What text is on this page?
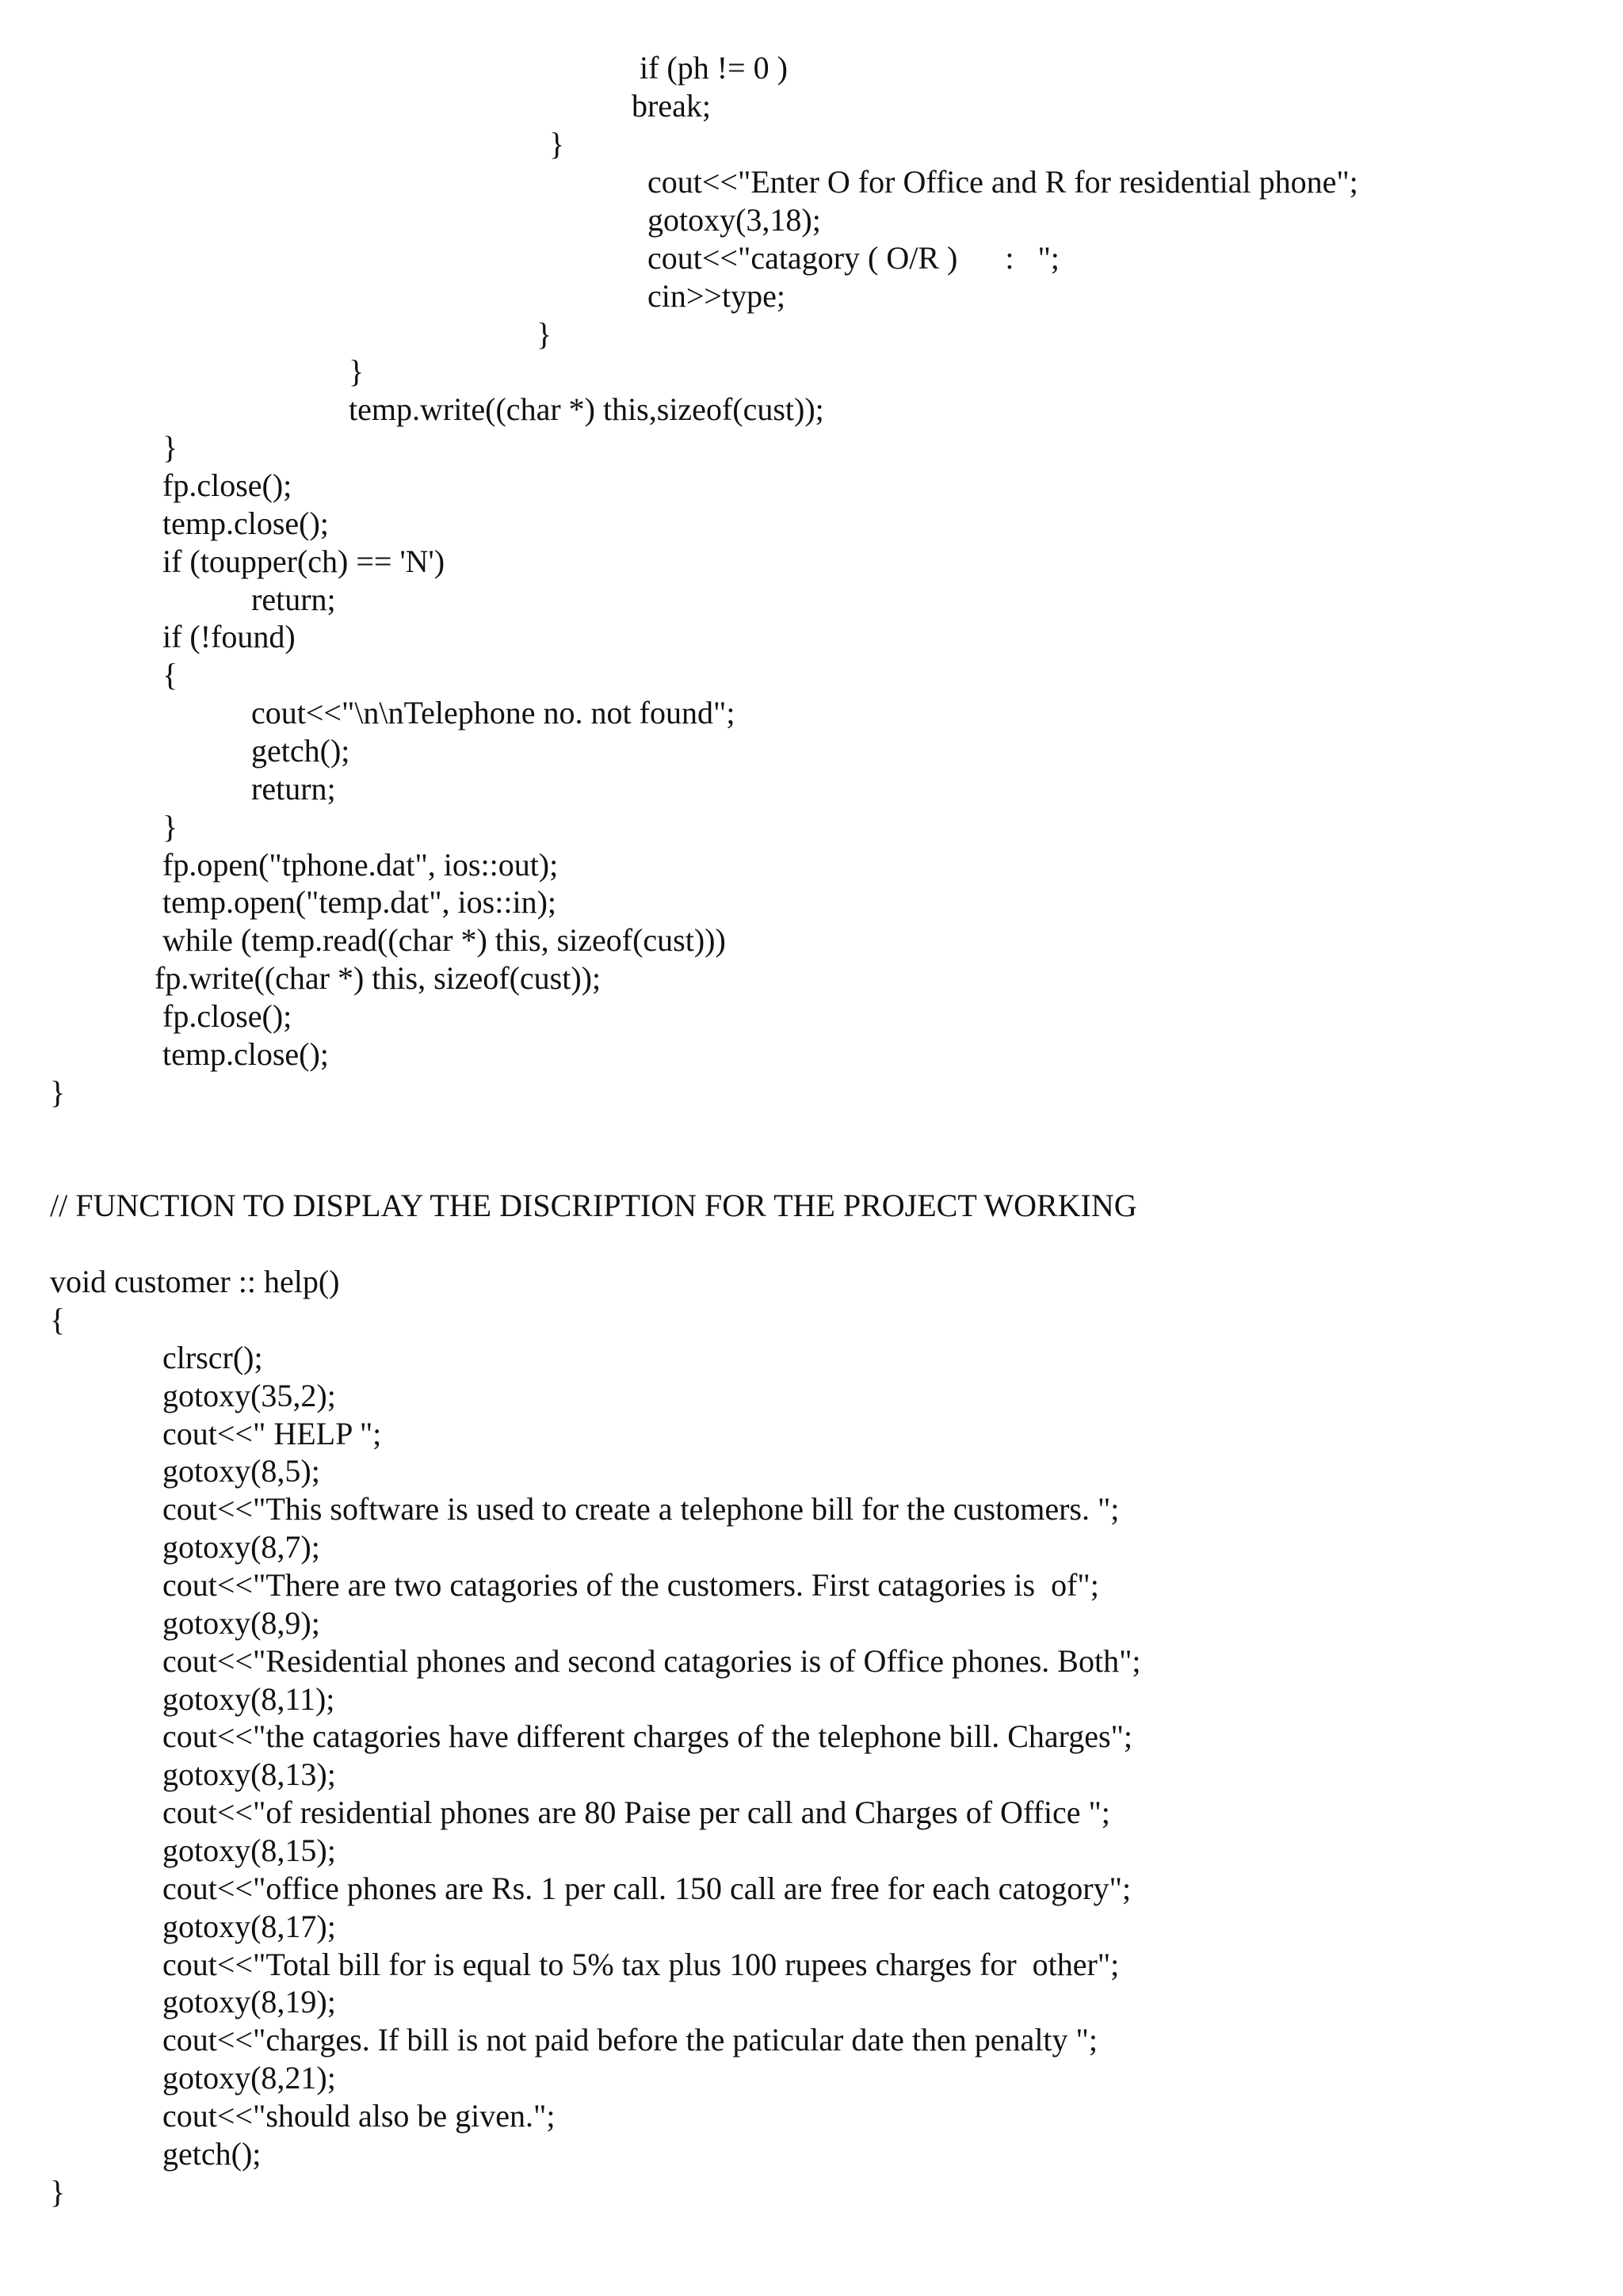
if (ph != 0 )
break;
}
cout<<"Enter O for Office and R for residential phone";
gotoxy(3,18);
cout<<"catagory ( O/R )      :   ";
cin>>type;
}
}
temp.write((char *) this,sizeof(cust));
}
fp.close();
temp.close();
if (toupper(ch) == 'N')
return;
if (!found)
{
cout<<"\n\nTelephone no. not found";
getch();
return;
}
fp.open("tphone.dat", ios::out);
temp.open("temp.dat", ios::in);
while (temp.read((char *) this, sizeof(cust)))
fp.write((char *) this, sizeof(cust));
fp.close();
temp.close();
}
// FUNCTION TO DISPLAY THE DISCRIPTION FOR THE PROJECT WORKING
void customer :: help()
{
clrscr();
gotoxy(35,2);
cout<<" HELP ";
gotoxy(8,5);
cout<<"This software is used to create a telephone bill for the customers. ";
gotoxy(8,7);
cout<<"There are two catagories of the customers. First catagories is  of";
gotoxy(8,9);
cout<<"Residential phones and second catagories is of Office phones. Both";
gotoxy(8,11);
cout<<"the catagories have different charges of the telephone bill. Charges";
gotoxy(8,13);
cout<<"of residential phones are 80 Paise per call and Charges of Office ";
gotoxy(8,15);
cout<<"office phones are Rs. 1 per call. 150 call are free for each catogory";
gotoxy(8,17);
cout<<"Total bill for is equal to 5% tax plus 100 rupees charges for  other";
gotoxy(8,19);
cout<<"charges. If bill is not paid before the paticular date then penalty ";
gotoxy(8,21);
cout<<"should also be given.";
getch();
}
